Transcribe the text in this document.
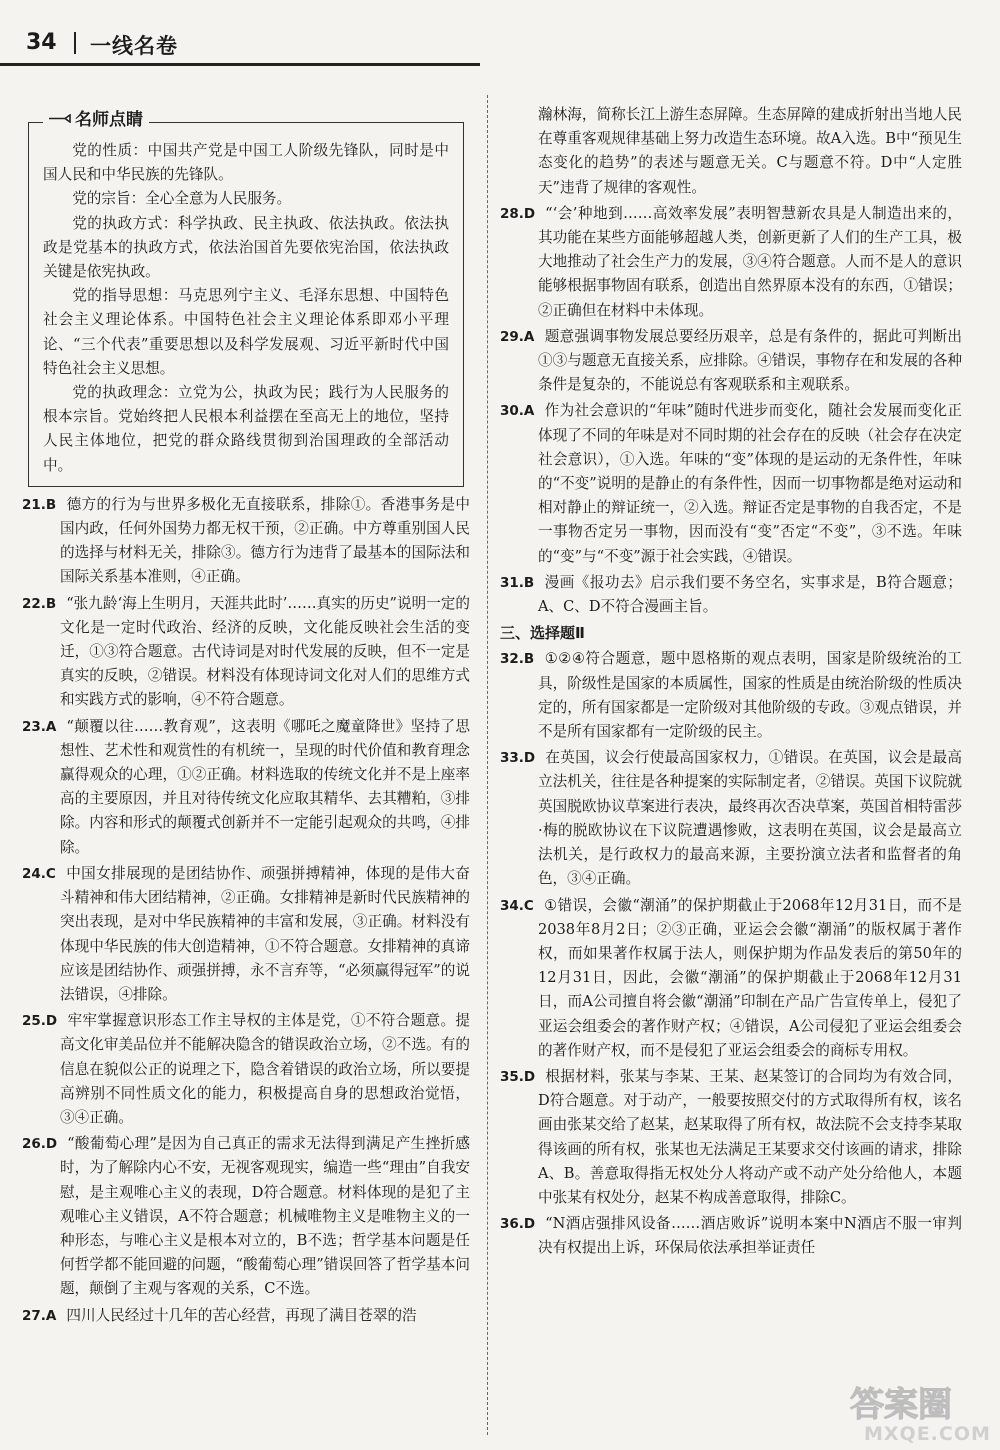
34 一线名卷
名师点睛

党的性质：中国共产党是中国工人阶级先锋队，同时是中国人民和中华民族的先锋队。

党的宗旨：全心全意为人民服务。

党的执政方式：科学执政、民主执政、依法执政。依法执政是党基本的执政方式，依法治国首先要依宪治国，依法执政关键是依宪执政。

党的指导思想：马克思列宁主义、毛泽东思想、中国特色社会主义理论体系。中国特色社会主义理论体系即邓小平理论、“三个代表”重要思想以及科学发展观、习近平新时代中国特色社会主义思想。

党的执政理念：立党为公，执政为民；践行为人民服务的根本宗旨。党始终把人民根本利益摆在至高无上的地位，坚持人民主体地位，把党的群众路线贯彻到治国理政的全部活动中。

21.B 德方的行为与世界多极化无直接联系，排除①。香港事务是中国内政，任何外国势力都无权干预，②正确。中方尊重别国人民的选择与材料无关，排除③。德方行为违背了最基本的国际法和国际关系基本准则，④正确。

22.B “张九龄‘海上生明月，天涯共此时’……真实的历史”说明一定的文化是一定时代政治、经济的反映，文化能反映社会生活的变迁，①③符合题意。古代诗词是对时代发展的反映，但不一定是真实的反映，②错误。材料没有体现诗词文化对人们的思维方式和实践方式的影响，④不符合题意。

23.A “颠覆以往……教育观”，这表明《哪吒之魔童降世》坚持了思想性、艺术性和观赏性的有机统一，呈现的时代价值和教育理念赢得观众的心理，①②正确。材料选取的传统文化并不是上座率高的主要原因，并且对待传统文化应取其精华、去其糟粕，③排除。内容和形式的颠覆式创新并不一定能引起观众的共鸣，④排除。

24.C 中国女排展现的是团结协作、顽强拼搏精神，体现的是伟大奋斗精神和伟大团结精神，②正确。女排精神是新时代民族精神的突出表现，是对中华民族精神的丰富和发展，③正确。材料没有体现中华民族的伟大创造精神，①不符合题意。女排精神的真谛应该是团结协作、顽强拼搏，永不言弃等，“必须赢得冠军”的说法错误，④排除。

25.D 牢牢掌握意识形态工作主导权的主体是党，①不符合题意。提高文化审美品位并不能解决隐含的错误政治立场，②不选。有的信息在貌似公正的说理之下，隐含着错误的政治立场，所以要提高辨别不同性质文化的能力，积极提高自身的思想政治觉悟，③④正确。

26.D “酸葡萄心理”是因为自己真正的需求无法得到满足产生挫折感时，为了解除内心不安，无视客观现实，编造一些“理由”自我安慰，是主观唯心主义的表现，D符合题意。材料体现的是犯了主观唯心主义错误，A不符合题意；机械唯物主义是唯物主义的一种形态，与唯心主义是根本对立的，B不选；哲学基本问题是任何哲学都不能回避的问题，“酸葡萄心理”错误回答了哲学基本问题，颠倒了主观与客观的关系，C不选。

27.A 四川人民经过十几年的苦心经营，再现了满目苍翠的浩

瀚林海，简称长江上游生态屏障。生态屏障的建成折射出当地人民在尊重客观规律基础上努力改造生态环境。故A入选。B中“预见生态变化的趋势”的表述与题意无关。C与题意不符。D中“人定胜天”违背了规律的客观性。

28.D “‘会’种地到……高效率发展”表明智慧新农具是人制造出来的，其功能在某些方面能够超越人类，创新更新了人们的生产工具，极大地推动了社会生产力的发展，③④符合题意。人而不是人的意识能够根据事物固有联系，创造出自然界原本没有的东西，①错误；②正确但在材料中未体现。

29.A 题意强调事物发展总要经历艰辛，总是有条件的，据此可判断出①③与题意无直接关系，应排除。④错误，事物存在和发展的各种条件是复杂的，不能说总有客观联系和主观联系。

30.A 作为社会意识的“年味”随时代进步而变化，随社会发展而变化正体现了不同的年味是对不同时期的社会存在的反映（社会存在决定社会意识），①入选。年味的“变”体现的是运动的无条件性，年味的“不变”说明的是静止的有条件性，因而一切事物都是绝对运动和相对静止的辩证统一，②入选。辩证否定是事物的自我否定，不是一事物否定另一事物，因而没有“变”否定“不变”，③不选。年味的“变”与“不变”源于社会实践，④错误。

31.B 漫画《报功去》启示我们要不务空名，实事求是，B符合题意；A、C、D不符合漫画主旨。

三、选择题Ⅱ

32.B ①②④符合题意，题中恩格斯的观点表明，国家是阶级统治的工具，阶级性是国家的本质属性，国家的性质是由统治阶级的性质决定的，所有国家都是一定阶级对其他阶级的专政。③观点错误，并不是所有国家都有一定阶级的民主。

33.D 在英国，议会行使最高国家权力，①错误。在英国，议会是最高立法机关，往往是各种提案的实际制定者，②错误。英国下议院就英国脱欧协议草案进行表决，最终再次否决草案，英国首相特雷莎·梅的脱欧协议在下议院遭遇惨败，这表明在英国，议会是最高立法机关，是行政权力的最高来源，主要扮演立法者和监督者的角色，③④正确。

34.C ①错误，会徽“潮涌”的保护期截止于2068年12月31日，而不是2038年8月2日；②③正确，亚运会会徽“潮涌”的版权属于著作权，而如果著作权属于法人，则保护期为作品发表后的第50年的12月31日，因此，会徽“潮涌”的保护期截止于2068年12月31日，而A公司擅自将会徽“潮涌”印制在产品广告宣传单上，侵犯了亚运会组委会的著作财产权；④错误，A公司侵犯了亚运会组委会的著作财产权，而不是侵犯了亚运会组委会的商标专用权。

35.D 根据材料，张某与李某、王某、赵某签订的合同均为有效合同，D符合题意。对于动产，一般要按照交付的方式取得所有权，该名画由张某交给了赵某，赵某取得了所有权，故法院不会支持李某取得该画的所有权，张某也无法满足王某要求交付该画的请求，排除A、B。善意取得指无权处分人将动产或不动产处分给他人，本题中张某有权处分，赵某不构成善意取得，排除C。

36.D “N酒店强排风设备……酒店败诉”说明本案中N酒店不服一审判决有权提出上诉，环保局依法承担举证责任

答案圈
MXQE.COM
